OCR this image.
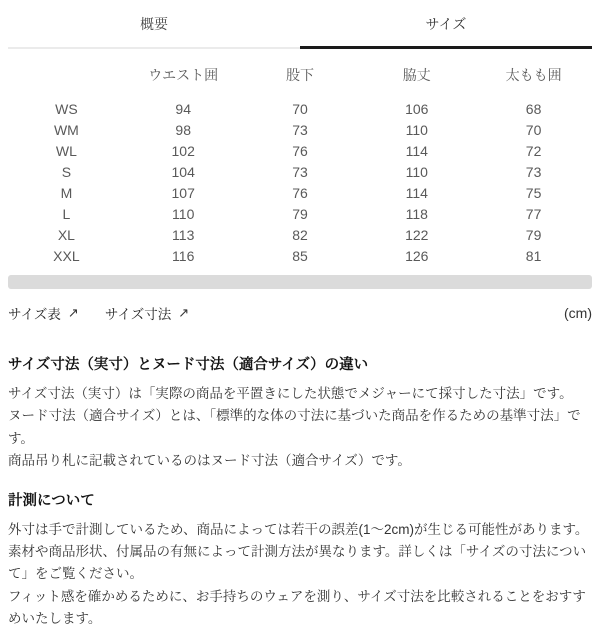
概要	サイズ
	ウエスト囲	股下	脇丈	太もも囲
WS	94	70	106	68
WM	98	73	110	70
WL	102	76	114	72
S	104	73	110	73
M	107	76	114	75
L	110	79	118	77
XL	113	82	122	79
XXL	116	85	126	81
サイズ表 ↗ サイズ寸法 ↗	(cm)
サイズ寸法（実寸）とヌード寸法（適合サイズ）の違い

サイズ寸法（実寸）は「実際の商品を平置きにした状態でメジャーにて採寸した寸法」です。

ヌード寸法（適合サイズ）とは、「標準的な体の寸法に基づいた商品を作るための基準寸法」です。

商品吊り札に記載されているのはヌード寸法（適合サイズ）です。

計測について

外寸は手で計測しているため、商品によっては若干の誤差(1～2cm)が生じる可能性があります。

素材や商品形状、付属品の有無によって計測方法が異なります。詳しくは「サイズの寸法について」をご覧ください。

フィット感を確かめるために、お手持ちのウェアを測り、サイズ寸法を比較されることをおすすめいたします。
